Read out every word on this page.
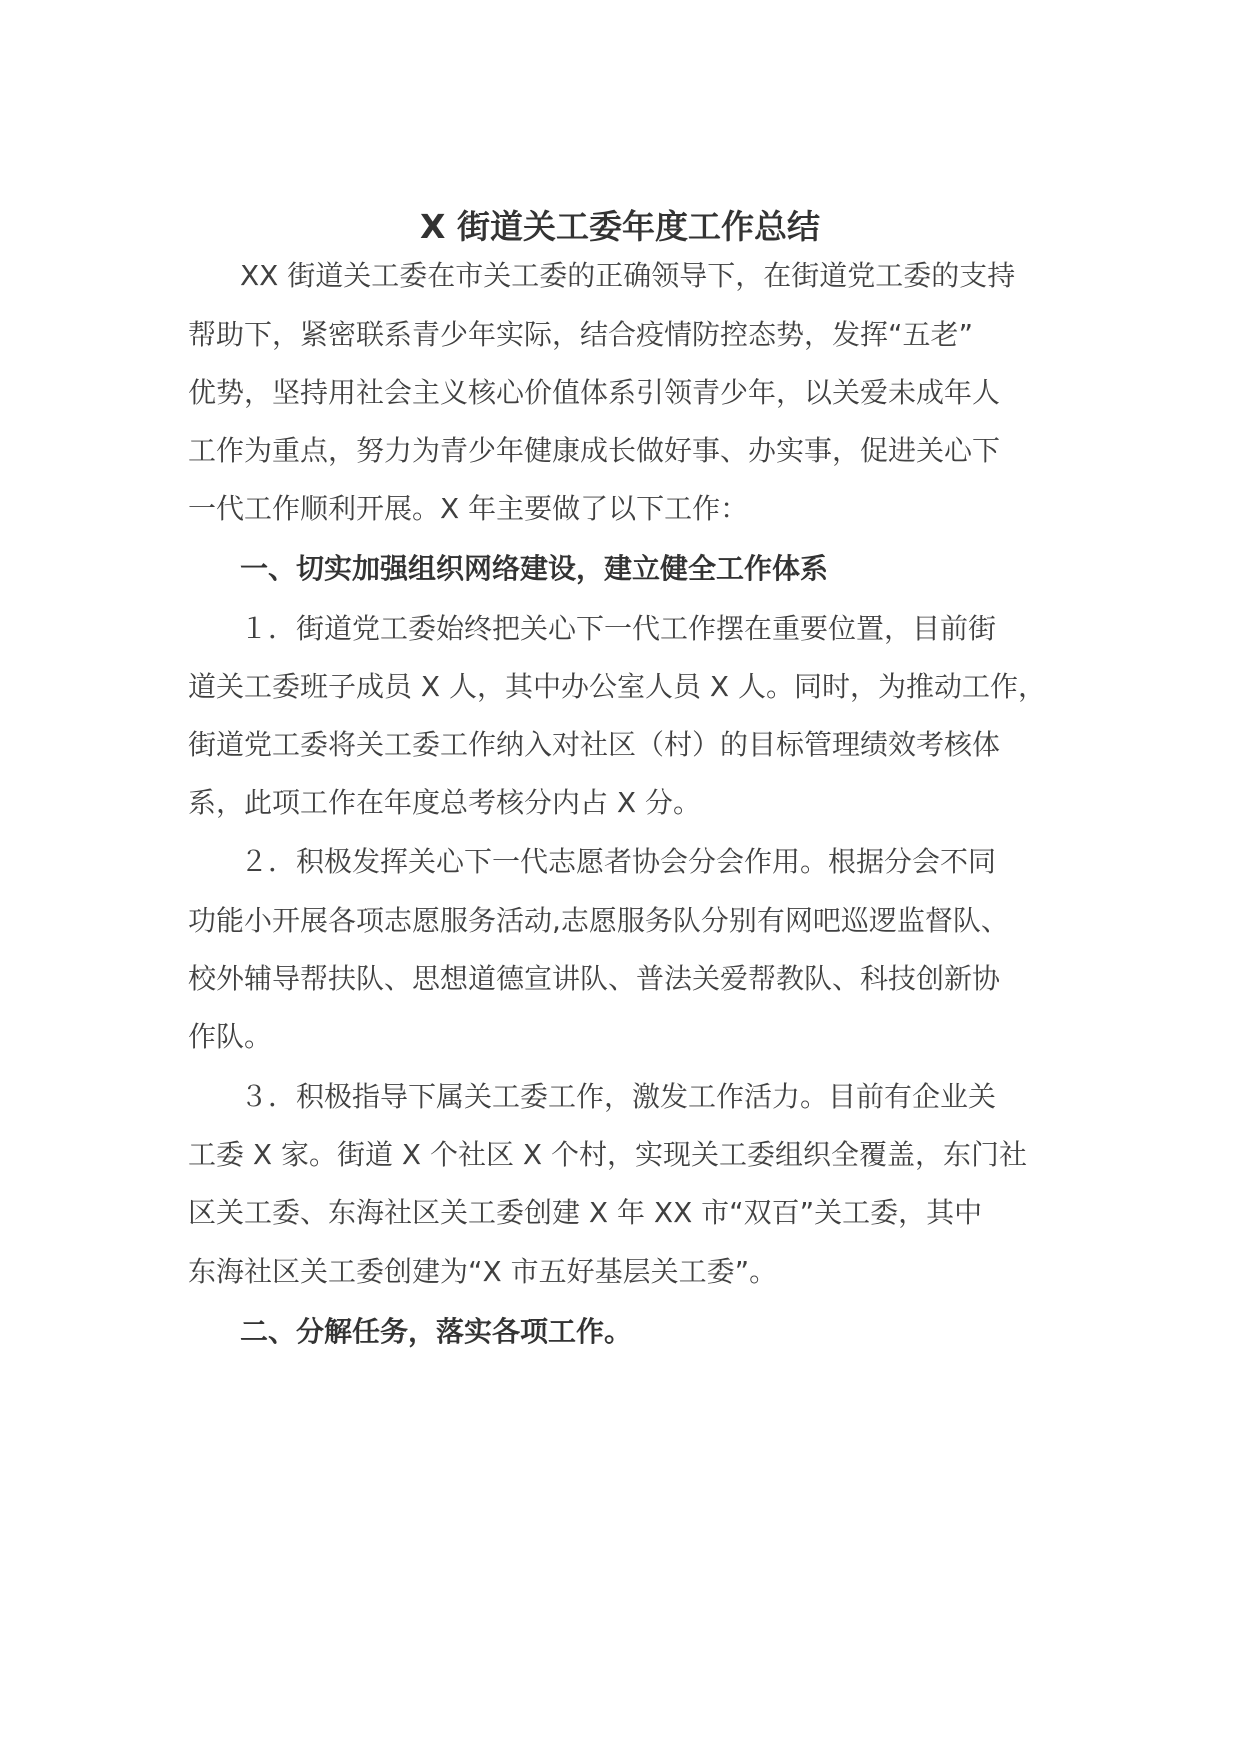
X 街道关工委年度工作总结
XX 街道关工委在市关工委的正确领导下，在街道党工委的支持
帮助下，紧密联系青少年实际，结合疫情防控态势，发挥“五老”
优势，坚持用社会主义核心价值体系引领青少年，以关爱未成年人
工作为重点，努力为青少年健康成长做好事、办实事，促进关心下
一代工作顺利开展。X 年主要做了以下工作：
一、切实加强组织网络建设，建立健全工作体系
１．街道党工委始终把关心下一代工作摆在重要位置，目前街
道关工委班子成员 X 人，其中办公室人员 X 人。同时，为推动工作，
街道党工委将关工委工作纳入对社区（村）的目标管理绩效考核体
系，此项工作在年度总考核分内占 X 分。
２．积极发挥关心下一代志愿者协会分会作用。根据分会不同
功能小开展各项志愿服务活动,志愿服务队分别有网吧巡逻监督队、
校外辅导帮扶队、思想道德宣讲队、普法关爱帮教队、科技创新协
作队。
３．积极指导下属关工委工作，激发工作活力。目前有企业关
工委 X 家。街道 X 个社区 X 个村，实现关工委组织全覆盖，东门社
区关工委、东海社区关工委创建 X 年 XX 市“双百”关工委，其中
东海社区关工委创建为“X 市五好基层关工委”。
二、分解任务，落实各项工作。
